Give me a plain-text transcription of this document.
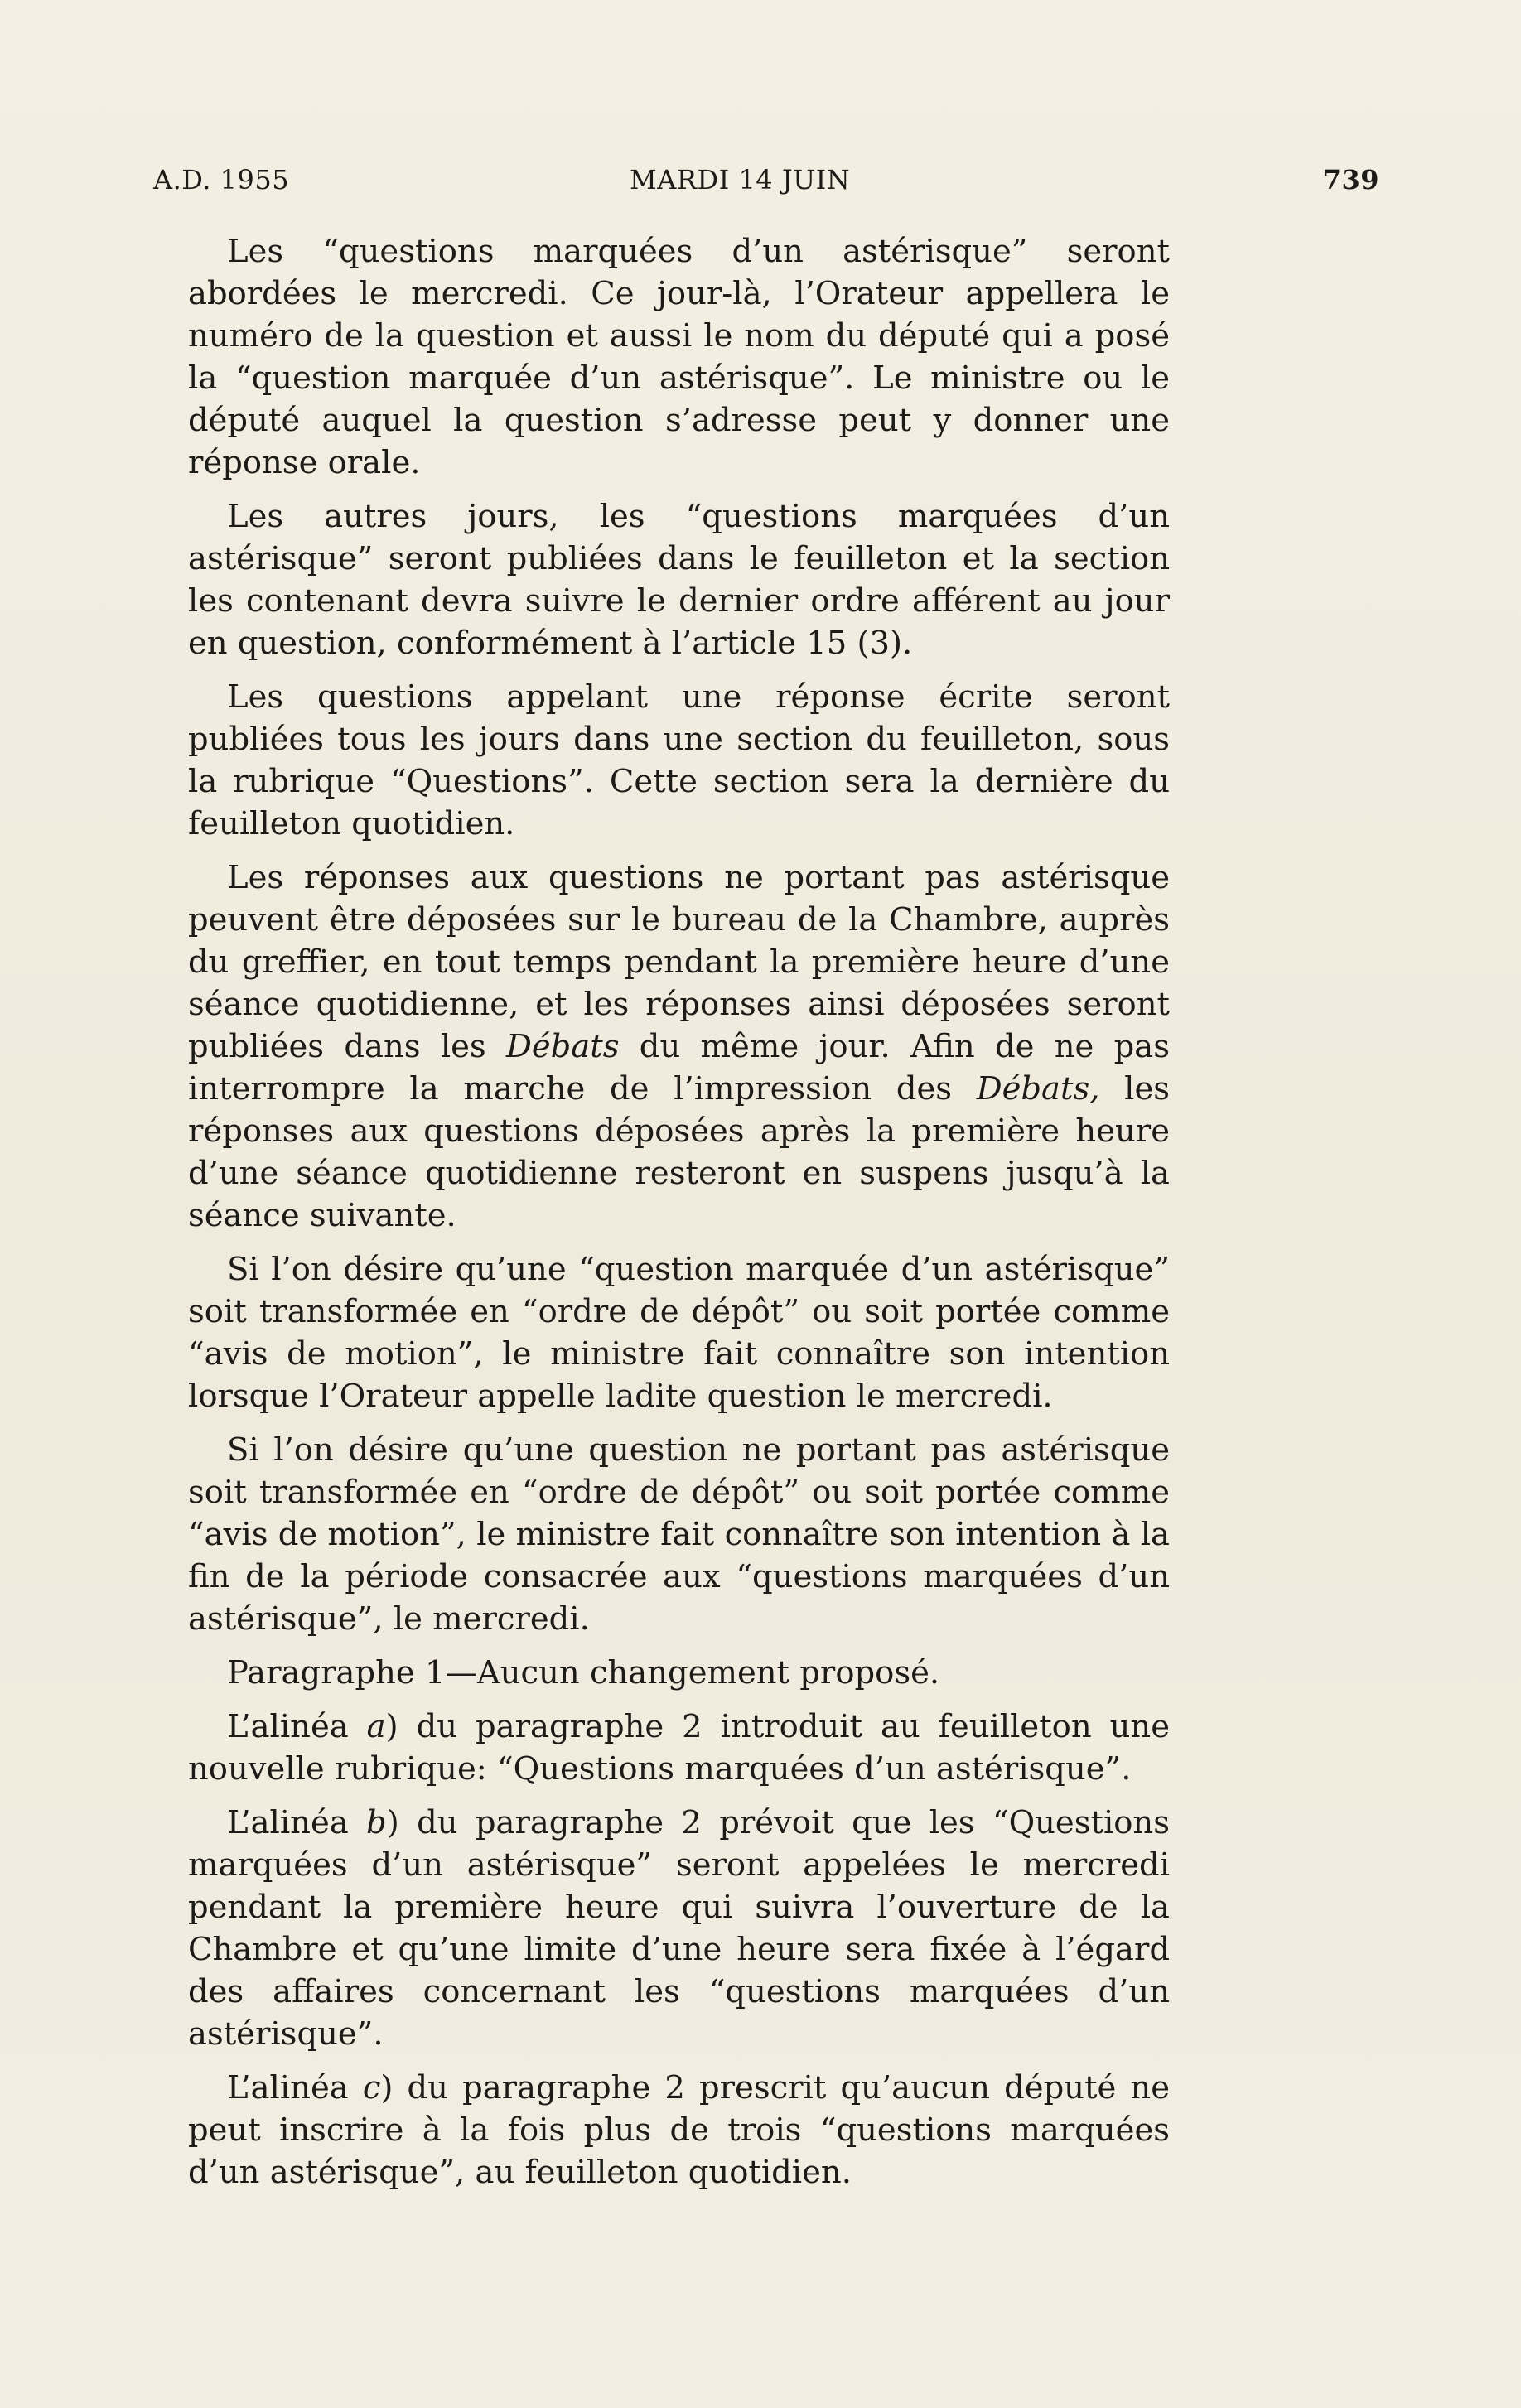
A.D. 1955	MARDI 14 JUIN	739

Les “questions marquées d’un astérisque” seront abordées le mercredi. Ce jour-là, l’Orateur appellera le numéro de la question et aussi le nom du député qui a posé la “question marquée d’un astérisque”. Le ministre ou le député auquel la question s’adresse peut y donner une réponse orale.

Les autres jours, les “questions marquées d’un astérisque” seront publiées dans le feuilleton et la section les contenant devra suivre le dernier ordre afférent au jour en question, conformément à l’article 15 (3).

Les questions appelant une réponse écrite seront publiées tous les jours dans une section du feuilleton, sous la rubrique “Questions”. Cette section sera la dernière du feuilleton quotidien.

Les réponses aux questions ne portant pas astérisque peuvent être déposées sur le bureau de la Chambre, auprès du greffier, en tout temps pendant la première heure d’une séance quotidienne, et les réponses ainsi déposées seront publiées dans les Débats du même jour. Afin de ne pas interrompre la marche de l’impression des Débats, les réponses aux questions déposées après la première heure d’une séance quotidienne resteront en suspens jusqu’à la séance suivante.

Si l’on désire qu’une “question marquée d’un astérisque” soit transformée en “ordre de dépôt” ou soit portée comme “avis de motion”, le ministre fait connaître son intention lorsque l’Orateur appelle ladite question le mercredi.

Si l’on désire qu’une question ne portant pas astérisque soit transformée en “ordre de dépôt” ou soit portée comme “avis de motion”, le ministre fait connaître son intention à la fin de la période consacrée aux “questions marquées d’un astérisque”, le mercredi.

Paragraphe 1—Aucun changement proposé.

L’alinéa a) du paragraphe 2 introduit au feuilleton une nouvelle rubrique: “Questions marquées d’un astérisque”.

L’alinéa b) du paragraphe 2 prévoit que les “Questions marquées d’un astérisque” seront appelées le mercredi pendant la première heure qui suivra l’ouverture de la Chambre et qu’une limite d’une heure sera fixée à l’égard des affaires concernant les “questions marquées d’un astérisque”.

L’alinéa c) du paragraphe 2 prescrit qu’aucun député ne peut inscrire à la fois plus de trois “questions marquées d’un astérisque”, au feuilleton quotidien.
